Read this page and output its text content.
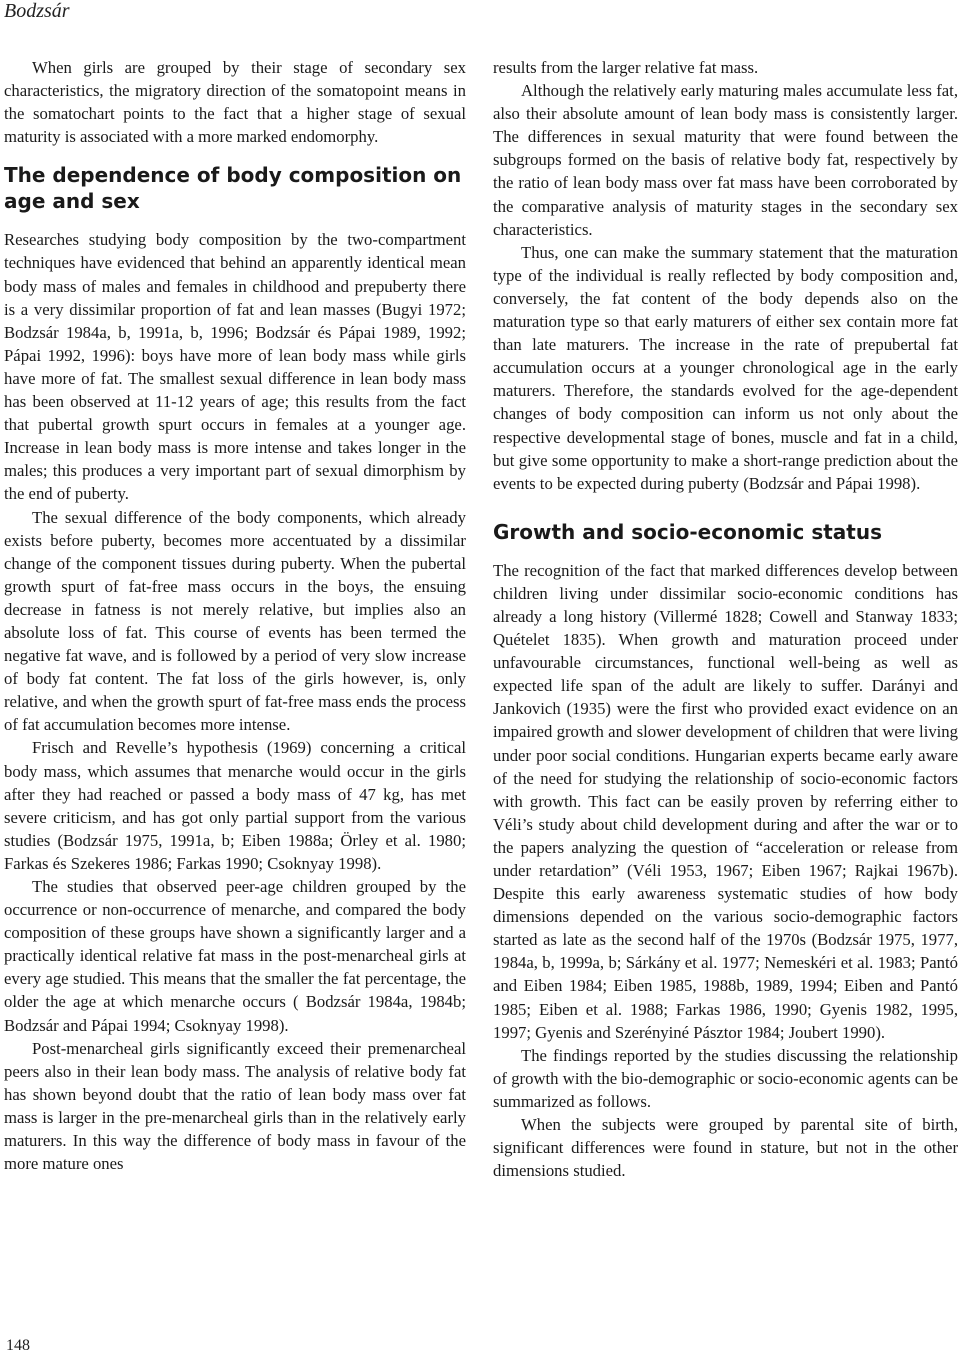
Bodzsár

When girls are grouped by their stage of secondary sex characteristics, the migratory direction of the somatopoint means in the somatochart points to the fact that a higher stage of sexual maturity is associated with a more marked endomorphy.

The dependence of body composition on age and sex

Researches studying body composition by the two-compartment techniques have evidenced that behind an apparently identical mean body mass of males and females in childhood and prepuberty there is a very dissimilar proportion of fat and lean masses (Bugyi 1972; Bodzsár 1984a, b, 1991a, b, 1996; Bodzsár és Pápai 1989, 1992; Pápai 1992, 1996): boys have more of lean body mass while girls have more of fat. The smallest sexual difference in lean body mass has been observed at 11-12 years of age; this results from the fact that pubertal growth spurt occurs in females at a younger age. Increase in lean body mass is more intense and takes longer in the males; this produces a very important part of sexual dimorphism by the end of puberty.

The sexual difference of the body components, which already exists before puberty, becomes more accentuated by a dissimilar change of the component tissues during puberty. When the pubertal growth spurt of fat-free mass occurs in the boys, the ensuing decrease in fatness is not merely relative, but implies also an absolute loss of fat. This course of events has been termed the negative fat wave, and is followed by a period of very slow increase of body fat content. The fat loss of the girls however, is, only relative, and when the growth spurt of fat-free mass ends the process of fat accumulation becomes more intense.

Frisch and Revelle’s hypothesis (1969) concerning a critical body mass, which assumes that menarche would occur in the girls after they had reached or passed a body mass of 47 kg, has met severe criticism, and has got only partial support from the various studies (Bodzsár 1975, 1991a, b; Eiben 1988a; Örley et al. 1980; Farkas és Szekeres 1986; Farkas 1990; Csoknyay 1998).

The studies that observed peer-age children grouped by the occurrence or non-occurrence of menarche, and compared the body composition of these groups have shown a significantly larger and a practically identical relative fat mass in the post-menarcheal girls at every age studied. This means that the smaller the fat percentage, the older the age at which menarche occurs ( Bodzsár 1984a, 1984b; Bodzsár and Pápai 1994; Csoknyay 1998).

Post-menarcheal girls significantly exceed their premenarcheal peers also in their lean body mass. The analysis of relative body fat has shown beyond doubt that the ratio of lean body mass over fat mass is larger in the pre-menarcheal girls than in the relatively early maturers. In this way the difference of body mass in favour of the more mature ones

results from the larger relative fat mass.

Although the relatively early maturing males accumulate less fat, also their absolute amount of lean body mass is consistently larger. The differences in sexual maturity that were found between the subgroups formed on the basis of relative body fat, respectively by the ratio of lean body mass over fat mass have been corroborated by the comparative analysis of maturity stages in the secondary sex characteristics.

Thus, one can make the summary statement that the maturation type of the individual is really reflected by body composition and, conversely, the fat content of the body depends also on the maturation type so that early maturers of either sex contain more fat than late maturers. The increase in the rate of prepubertal fat accumulation occurs at a younger chronological age in the early maturers. Therefore, the standards evolved for the age-dependent changes of body composition can inform us not only about the respective developmental stage of bones, muscle and fat in a child, but give some opportunity to make a short-range prediction about the events to be expected during puberty (Bodzsár and Pápai 1998).

Growth and socio-economic status

The recognition of the fact that marked differences develop between children living under dissimilar socio-economic conditions has already a long history (Villermé 1828; Cowell and Stanway 1833; Quételet 1835). When growth and maturation proceed under unfavourable circumstances, functional well-being as well as expected life span of the adult are likely to suffer. Darányi and Jankovich (1935) were the first who provided exact evidence on an impaired growth and slower development of children that were living under poor social conditions. Hungarian experts became early aware of the need for studying the relationship of socio-economic factors with growth. This fact can be easily proven by referring either to Véli’s study about child development during and after the war or to the papers analyzing the question of “acceleration or release from under retardation” (Véli 1953, 1967; Eiben 1967; Rajkai 1967b). Despite this early awareness systematic studies of how body dimensions depended on the various socio-demographic factors started as late as the second half of the 1970s (Bodzsár 1975, 1977, 1984a, b, 1999a, b; Sárkány et al. 1977; Nemeskéri et al. 1983; Pantó and Eiben 1984; Eiben 1985, 1988b, 1989, 1994; Eiben and Pantó 1985; Eiben et al. 1988; Farkas 1986, 1990; Gyenis 1982, 1995, 1997; Gyenis and Szerényiné Pásztor 1984; Joubert 1990).

The findings reported by the studies discussing the relationship of growth with the bio-demographic or socio-economic agents can be summarized as follows.

When the subjects were grouped by parental site of birth, significant differences were found in stature, but not in the other dimensions studied.

148
